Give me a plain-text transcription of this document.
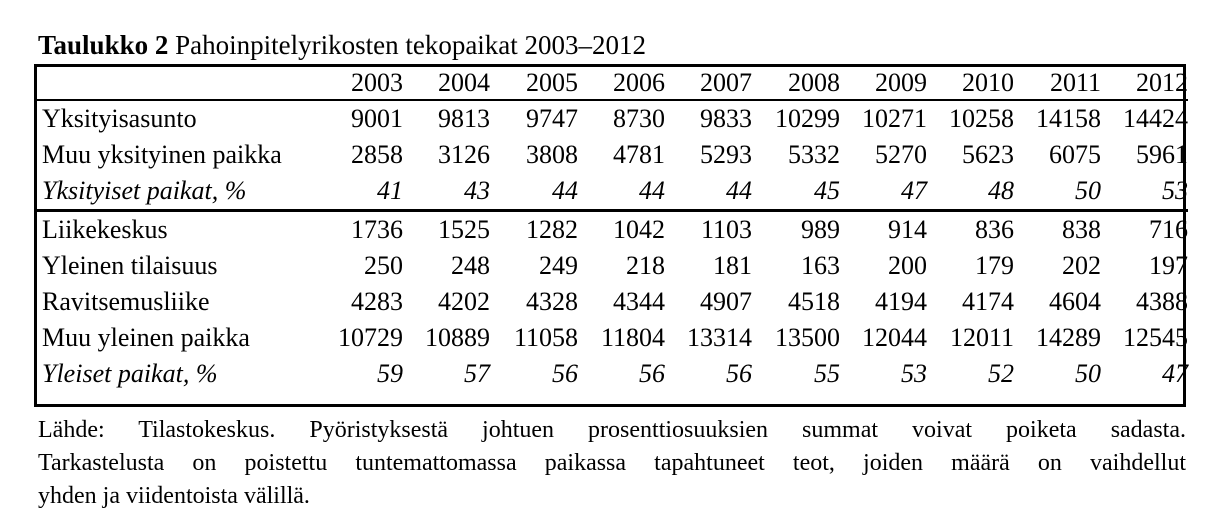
Taulukko 2 Pahoinpitelyrikosten tekopaikat 2003–2012
	2003	2004	2005	2006	2007	2008	2009	2010	2011	2012
Yksityisasunto	9001	9813	9747	8730	9833	10299	10271	10258	14158	14424
Muu yksityinen paikka	2858	3126	3808	4781	5293	5332	5270	5623	6075	5961
Yksityiset paikat, %	41	43	44	44	44	45	47	48	50	53
Liikekeskus	1736	1525	1282	1042	1103	989	914	836	838	716
Yleinen tilaisuus	250	248	249	218	181	163	200	179	202	197
Ravitsemusliike	4283	4202	4328	4344	4907	4518	4194	4174	4604	4388
Muu yleinen paikka	10729	10889	11058	11804	13314	13500	12044	12011	14289	12545
Yleiset paikat, %	59	57	56	56	56	55	53	52	50	47
Lähde: Tilastokeskus. Pyöristyksestä johtuen prosenttiosuuksien summat voivat poiketa sadasta.
Tarkastelusta on poistettu tuntemattomassa paikassa tapahtuneet teot, joiden määrä on vaihdellut
yhden ja viidentoista välillä.
